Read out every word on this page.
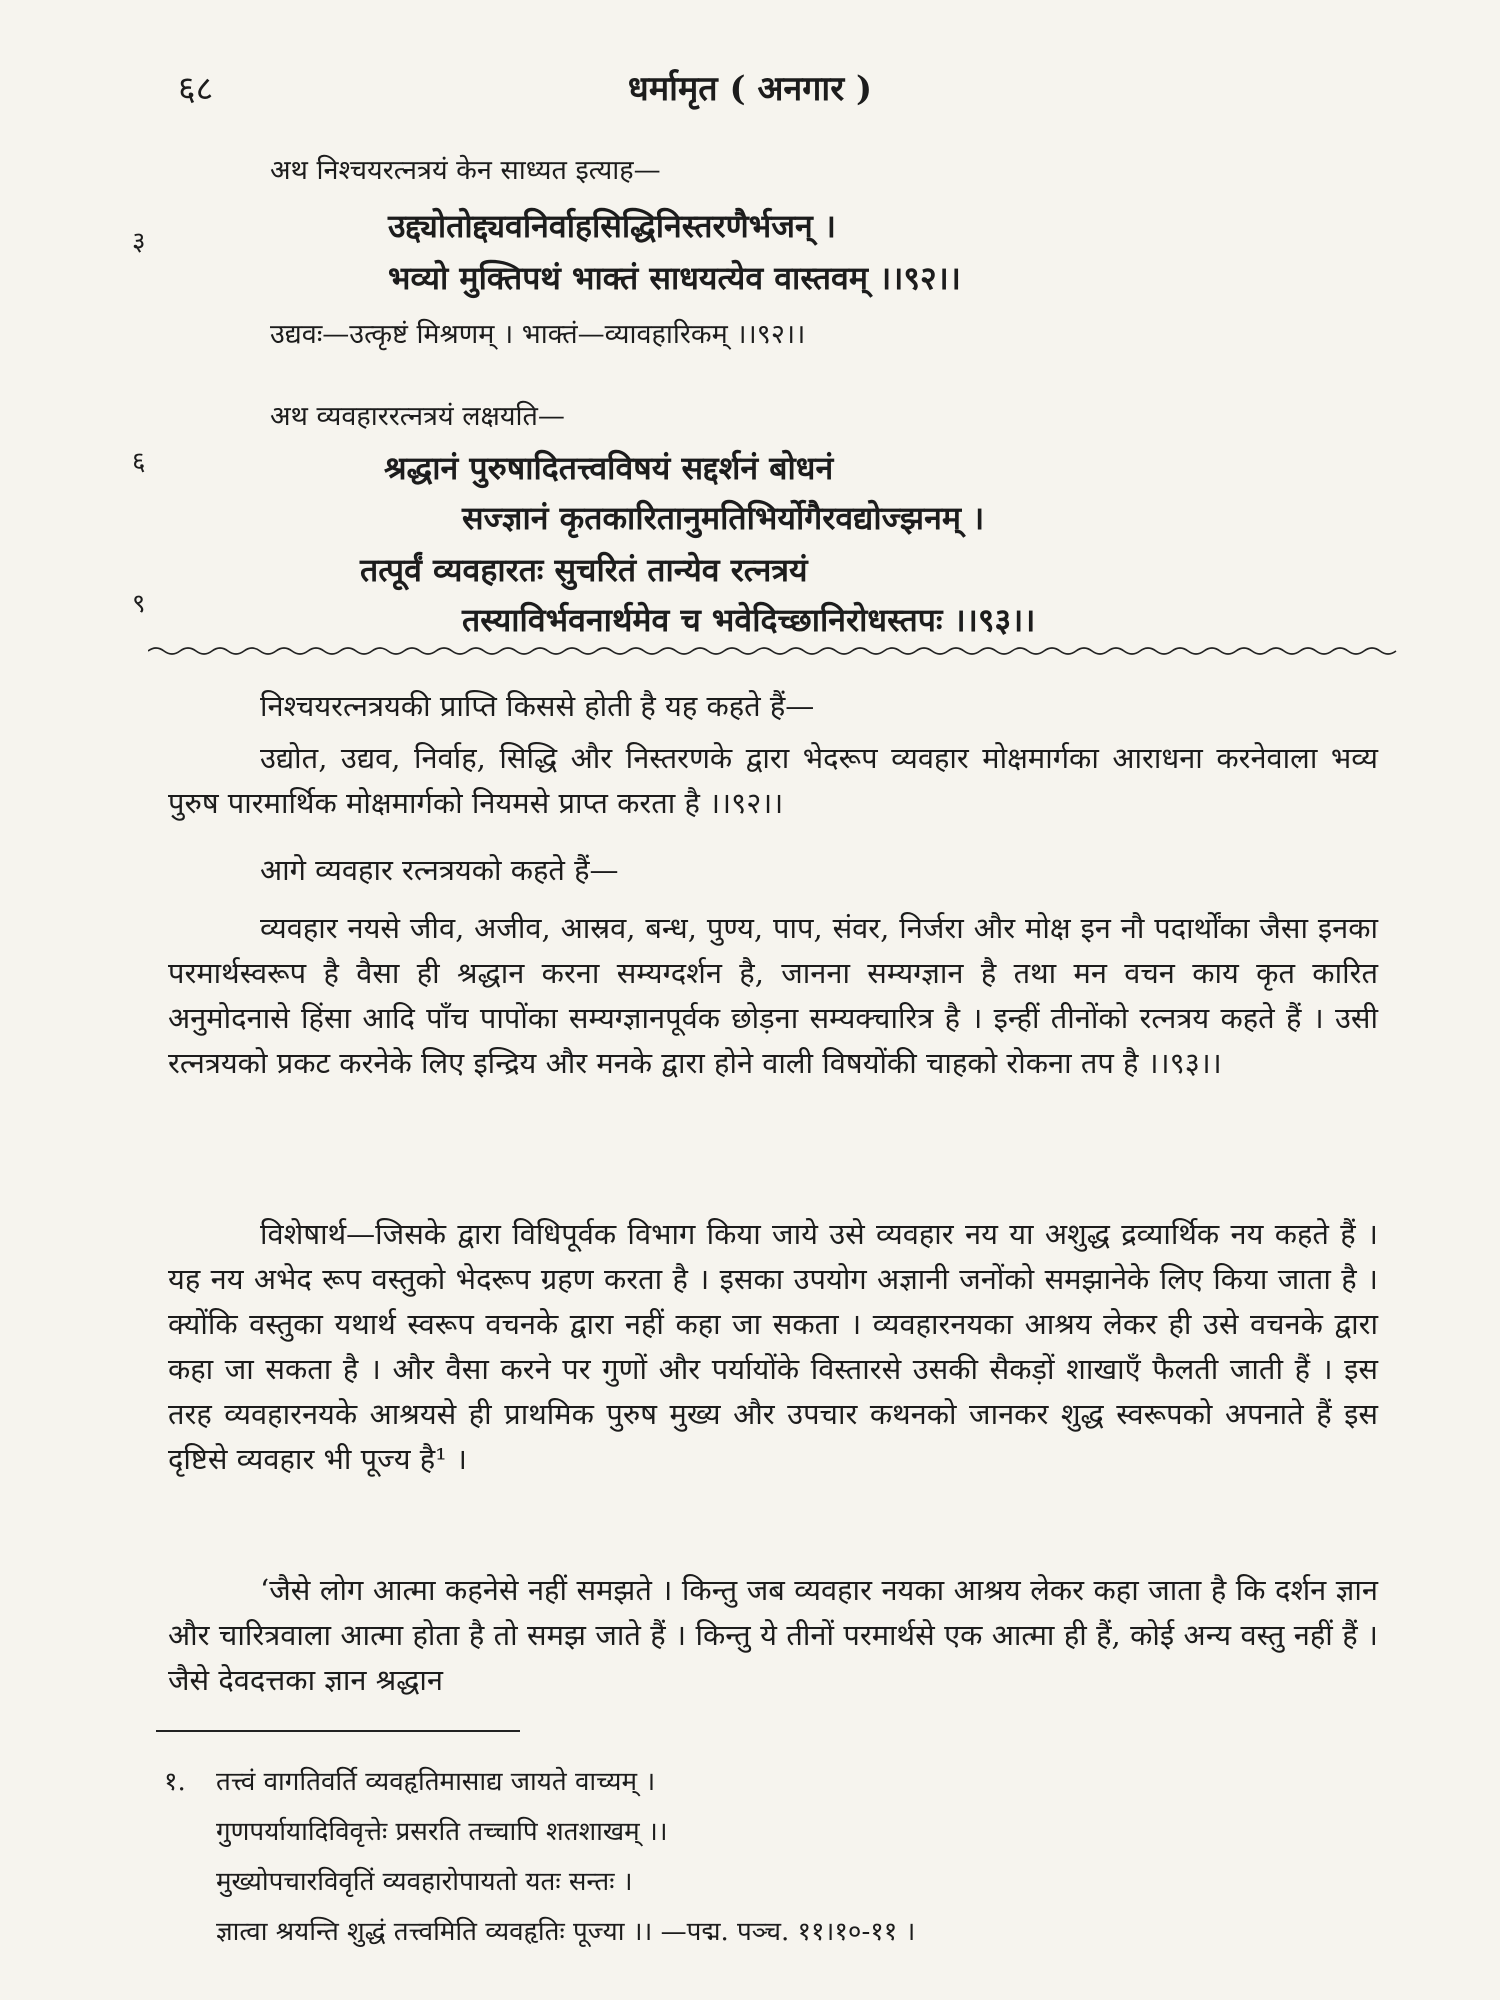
६८	धर्मामृत ( अनगार )
अथ निश्चयरत्नत्रयं केन साध्यत इत्याह—
३	उद्द्योतोद्द्यवनिर्वाहसिद्धिनिस्तरणैर्भजन् ।
भव्यो मुक्तिपथं भाक्तं साधयत्येव वास्तवम् ।।९२।।
उद्यवः—उत्कृष्टं मिश्रणम् । भाक्तं—व्यावहारिकम् ।।९२।।
अथ व्यवहाररत्नत्रयं लक्षयति—
६	श्रद्धानं पुरुषादितत्त्वविषयं सद्दर्शनं बोधनं
सज्ज्ञानं कृतकारितानुमतिभिर्योगैरवद्योज्झनम् ।
तत्पूर्वं व्यवहारतः सुचरितं तान्येव रत्नत्रयं
९	तस्याविर्भवनार्थमेव च भवेदिच्छानिरोधस्तपः ।।९३।।
निश्चयरत्नत्रयकी प्राप्ति किससे होती है यह कहते हैं—
उद्योत, उद्यव, निर्वाह, सिद्धि और निस्तरणके द्वारा भेदरूप व्यवहार मोक्षमार्गका आराधना करनेवाला भव्य पुरुष पारमार्थिक मोक्षमार्गको नियमसे प्राप्त करता है ।।९२।।
आगे व्यवहार रत्नत्रयको कहते हैं—
व्यवहार नयसे जीव, अजीव, आस्रव, बन्ध, पुण्य, पाप, संवर, निर्जरा और मोक्ष इन नौ पदार्थोंका जैसा इनका परमार्थस्वरूप है वैसा ही श्रद्धान करना सम्यग्दर्शन है, जानना सम्यग्ज्ञान है तथा मन वचन काय कृत कारित अनुमोदनासे हिंसा आदि पाँच पापोंका सम्यग्ज्ञानपूर्वक छोड़ना सम्यक्चारित्र है । इन्हीं तीनोंको रत्नत्रय कहते हैं । उसी रत्नत्रयको प्रकट करनेके लिए इन्द्रिय और मनके द्वारा होने वाली विषयोंकी चाहको रोकना तप है ।।९३।।
विशेषार्थ—जिसके द्वारा विधिपूर्वक विभाग किया जाये उसे व्यवहार नय या अशुद्ध द्रव्यार्थिक नय कहते हैं । यह नय अभेद रूप वस्तुको भेदरूप ग्रहण करता है । इसका उपयोग अज्ञानी जनोंको समझानेके लिए किया जाता है । क्योंकि वस्तुका यथार्थ स्वरूप वचनके द्वारा नहीं कहा जा सकता । व्यवहारनयका आश्रय लेकर ही उसे वचनके द्वारा कहा जा सकता है । और वैसा करने पर गुणों और पर्यायोंके विस्तारसे उसकी सैकड़ों शाखाएँ फैलती जाती हैं । इस तरह व्यवहारनयके आश्रयसे ही प्राथमिक पुरुष मुख्य और उपचार कथनको जानकर शुद्ध स्वरूपको अपनाते हैं इस दृष्टिसे व्यवहार भी पूज्य है¹ ।
‘जैसे लोग आत्मा कहनेसे नहीं समझते । किन्तु जब व्यवहार नयका आश्रय लेकर कहा जाता है कि दर्शन ज्ञान और चारित्रवाला आत्मा होता है तो समझ जाते हैं । किन्तु ये तीनों परमार्थसे एक आत्मा ही हैं, कोई अन्य वस्तु नहीं हैं । जैसे देवदत्तका ज्ञान श्रद्धान
१. तत्त्वं वागतिवर्ति व्यवहृतिमासाद्य जायते वाच्यम् ।
गुणपर्यायादिविवृत्तेः प्रसरति तच्चापि शतशाखम् ।।
मुख्योपचारविवृतिं व्यवहारोपायतो यतः सन्तः ।
ज्ञात्वा श्रयन्ति शुद्धं तत्त्वमिति व्यवहृतिः पूज्या ।। —पद्म. पञ्च. ११।१०-११ ।
